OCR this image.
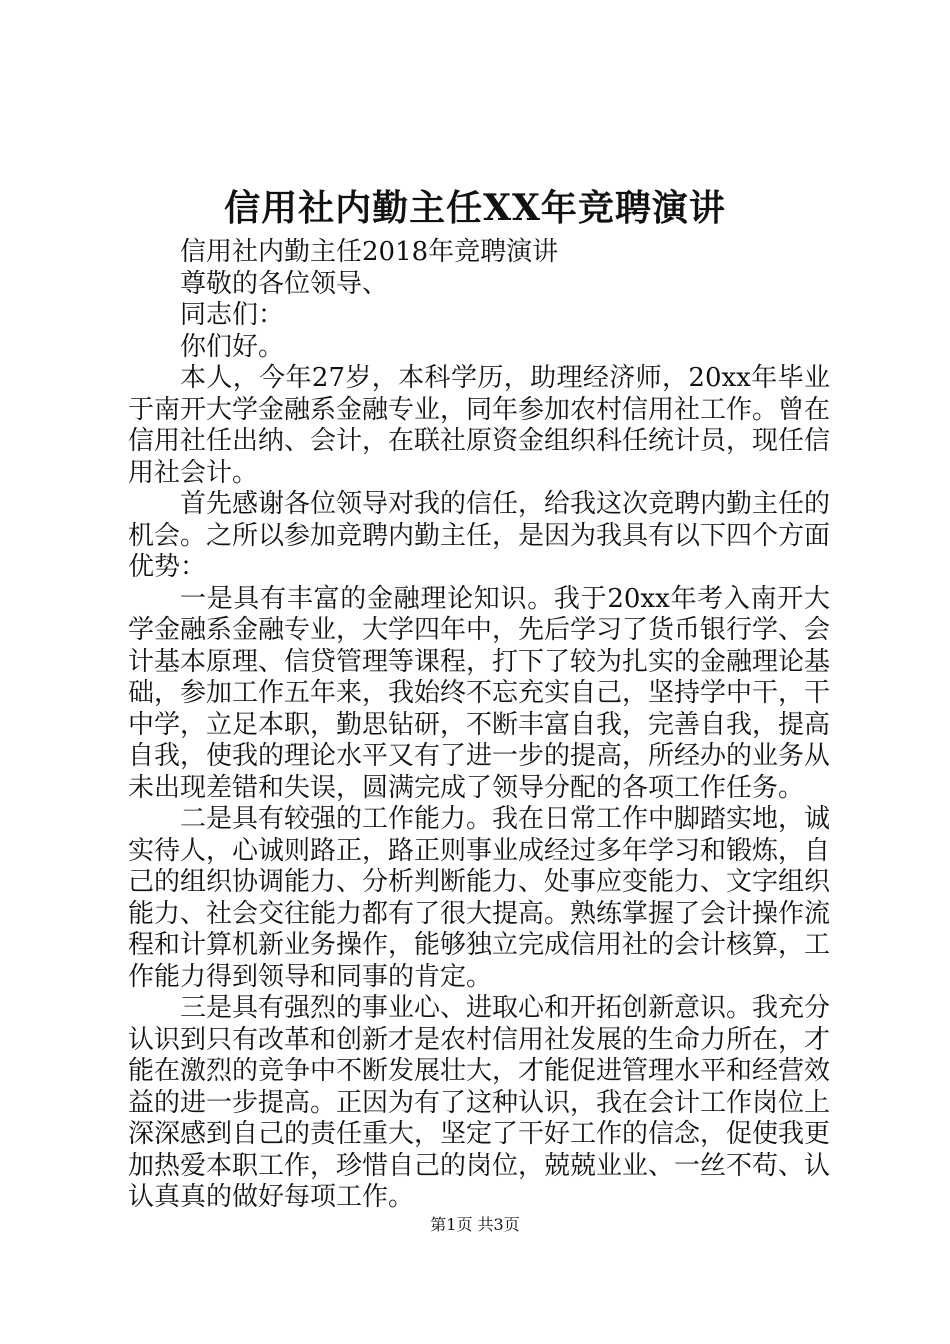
信用社内勤主任XX年竞聘演讲

信用社内勤主任2018年竞聘演讲

尊敬的各位领导、

同志们：

你们好。

本人，今年27岁，本科学历，助理经济师，20xx年毕业于南开大学金融系金融专业，同年参加农村信用社工作。曾在信用社任出纳、会计，在联社原资金组织科任统计员，现任信用社会计。

首先感谢各位领导对我的信任，给我这次竞聘内勤主任的机会。之所以参加竞聘内勤主任，是因为我具有以下四个方面优势：

一是具有丰富的金融理论知识。我于20xx年考入南开大学金融系金融专业，大学四年中，先后学习了货币银行学、会计基本原理、信贷管理等课程，打下了较为扎实的金融理论基础，参加工作五年来，我始终不忘充实自己，坚持学中干，干中学，立足本职，勤思钻研，不断丰富自我，完善自我，提高自我，使我的理论水平又有了进一步的提高，所经办的业务从未出现差错和失误，圆满完成了领导分配的各项工作任务。

二是具有较强的工作能力。我在日常工作中脚踏实地，诚实待人，心诚则路正，路正则事业成经过多年学习和锻炼，自己的组织协调能力、分析判断能力、处事应变能力、文字组织能力、社会交往能力都有了很大提高。熟练掌握了会计操作流程和计算机新业务操作，能够独立完成信用社的会计核算，工作能力得到领导和同事的肯定。

三是具有强烈的事业心、进取心和开拓创新意识。我充分认识到只有改革和创新才是农村信用社发展的生命力所在，才能在激烈的竞争中不断发展壮大，才能促进管理水平和经营效益的进一步提高。正因为有了这种认识，我在会计工作岗位上深深感到自己的责任重大，坚定了干好工作的信念，促使我更加热爱本职工作，珍惜自己的岗位，兢兢业业、一丝不苟、认认真真的做好每项工作。

第1页 共3页
